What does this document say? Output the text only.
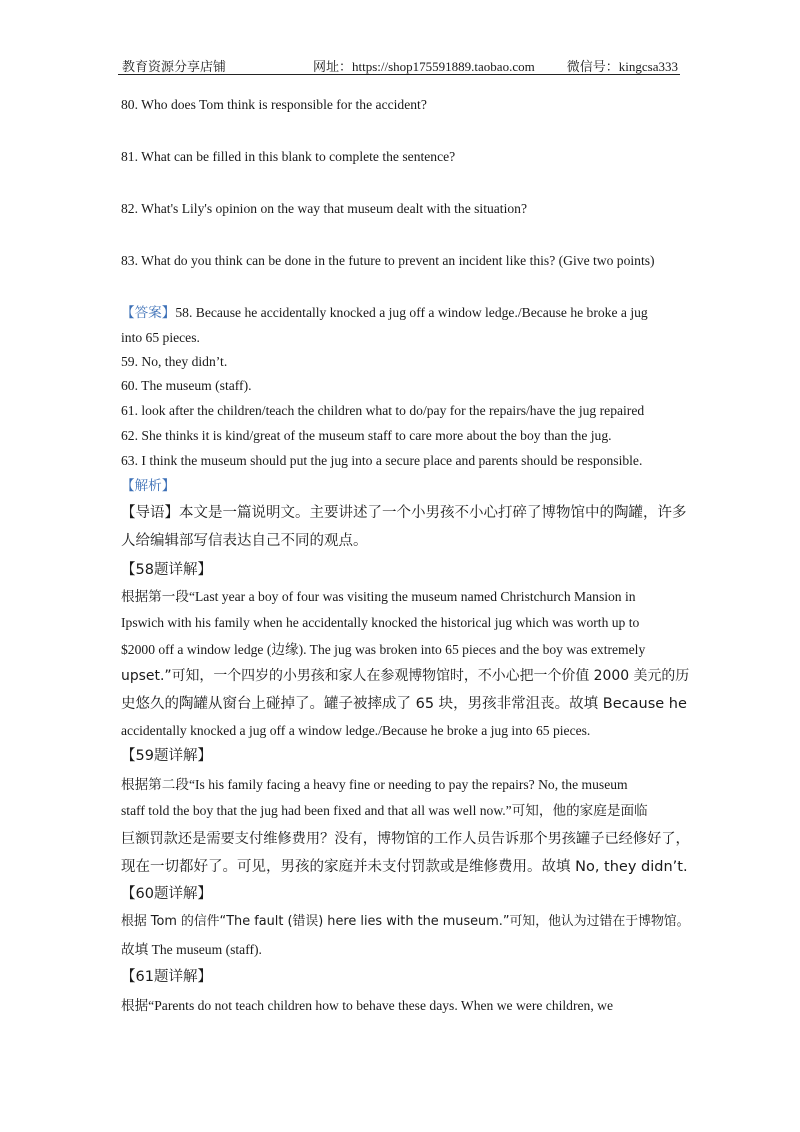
教育资源分享店铺	网址：https://shop175591889.taobao.com 微信号：kingcsa333
80. Who does Tom think is responsible for the accident?
81. What can be filled in this blank to complete the sentence?
82. What's Lily's opinion on the way that museum dealt with the situation?
83. What do you think can be done in the future to prevent an incident like this? (Give two points)
【答案】58. Because he accidentally knocked a jug off a window ledge./Because he broke a jug
into 65 pieces.
59. No, they didn’t.
60. The museum (staff).
61. look after the children/teach the children what to do/pay for the repairs/have the jug repaired
62. She thinks it is kind/great of the museum staff to care more about the boy than the jug.
63. I think the museum should put the jug into a secure place and parents should be responsible.
【解析】
【导语】本文是一篇说明文。主要讲述了一个小男孩不小心打碎了博物馆中的陶罐，许多
人给编辑部写信表达自己不同的观点。
【58题详解】
根据第一段“Last year a boy of four was visiting the museum named Christchurch Mansion in
Ipswich with his family when he accidentally knocked the historical jug which was worth up to
$2000 off a window ledge (边缘). The jug was broken into 65 pieces and the boy was extremely
upset.”可知，一个四岁的小男孩和家人在参观博物馆时，不小心把一个价值 2000 美元的历
史悠久的陶罐从窗台上碰掉了。罐子被摔成了 65 块，男孩非常沮丧。故填 Because he
accidentally knocked a jug off a window ledge./Because he broke a jug into 65 pieces.
【59题详解】
根据第二段“Is his family facing a heavy fine or needing to pay the repairs? No, the museum
staff told the boy that the jug had been fixed and that all was well now.”可知，他的家庭是面临
巨额罚款还是需要支付维修费用？没有，博物馆的工作人员告诉那个男孩罐子已经修好了，
现在一切都好了。可见，男孩的家庭并未支付罚款或是维修费用。故填 No, they didn’t.
【60题详解】
根据 Tom 的信件“The fault (错误) here lies with the museum.”可知，他认为过错在于博物馆。
故填 The museum (staff).
【61题详解】
根据“Parents do not teach children how to behave these days. When we were children, we
